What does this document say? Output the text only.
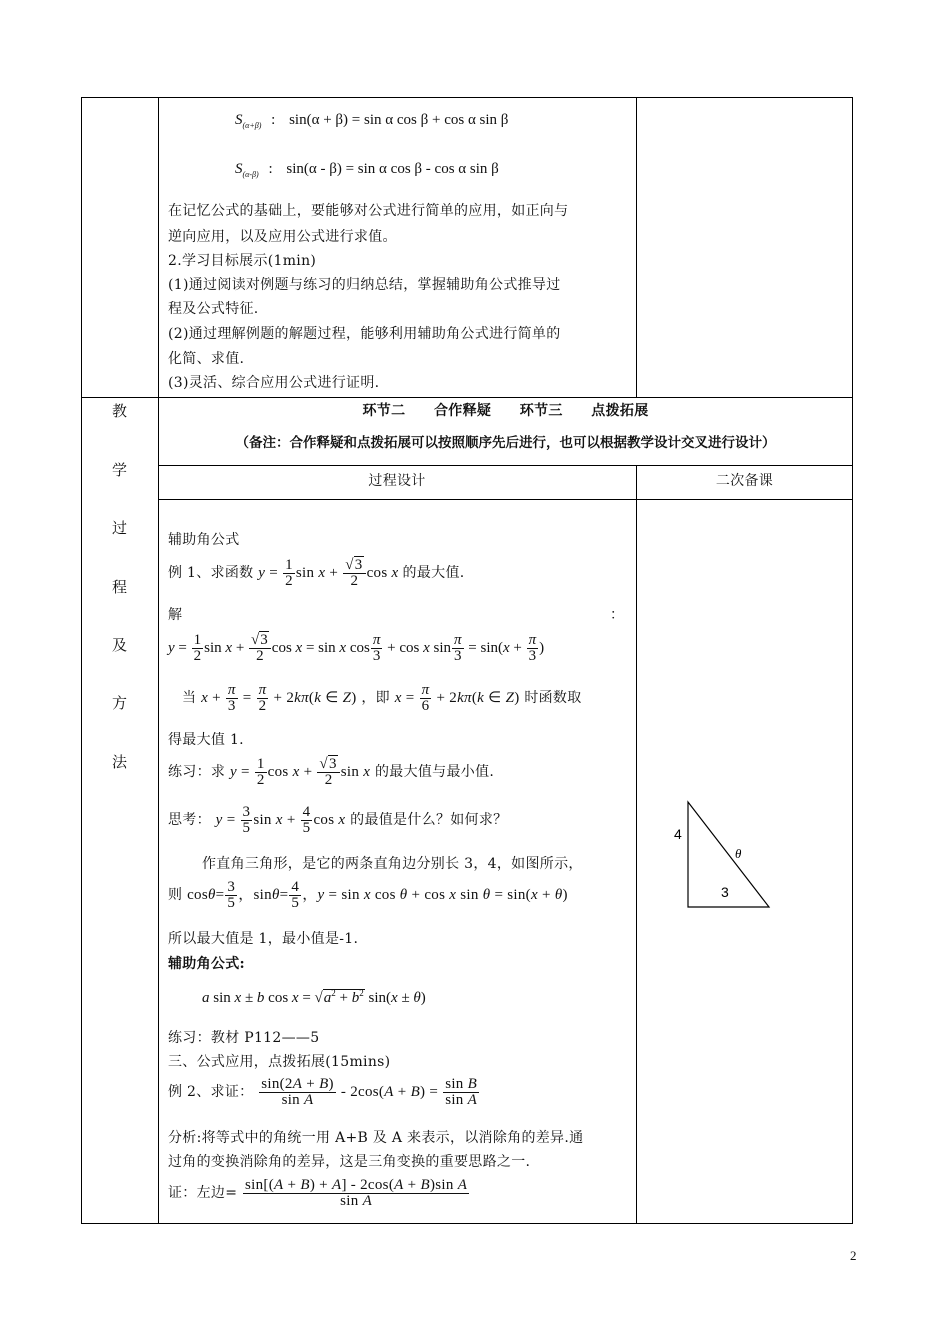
$S_{(\alpha+\beta)}$ : sin(α + β) = sin α cos β + cos α sin β
$S_{(\alpha-\beta)}$ : sin(α - β) = sin α cos β - cos α sin β
在记忆公式的基础上，要能够对公式进行简单的应用，如正向与
逆向应用，以及应用公式进行求值。
2.学习目标展示(1min)
(1)通过阅读对例题与练习的归纳总结，掌握辅助角公式推导过
程及公式特征.
(2)通过理解例题的解题过程，能够利用辅助角公式进行简单的
化简、求值.
(3)灵活、综合应用公式进行证明.
教
学
过
程
及
方
法
环节二　　合作释疑　　环节三　　点拨拓展
（备注：合作释疑和点拨拓展可以按照顺序先后进行，也可以根据教学设计交叉进行设计）
过程设计	二次备课
辅助角公式
例 1、求函数 $y = \frac{1}{2}$ $\sin x + \frac{√3}{2}$ cos x 的最大值.
解	：
$y = \frac{1}{2}$ $\sin x + \frac{√3}{2}$ cos x = sin x $\cos \frac{\pi}{3} + \cos x$ $\sin \frac{\pi}{3} = \sin(x + \frac{\pi}{3}$ )
当 $x + \frac{\pi}{3} = \frac{\pi}{2} + 2k\pi(k$ ∈ Z) ，即 $x = \frac{\pi}{6} + 2k\pi(k$ ∈ Z) 时函数取
得最大值 1.
练习：求 $y = \frac{1}{2}$ $\cos x + \frac{√3}{2}$ sin x 的最大值与最小值.
思考： $y = \frac{3}{5}$ $\sin x + \frac{4}{5}$ cos x 的最值是什么？如何求？
作直角三角形，是它的两条直角边分别长 3，4，如图所示，
则 $\cos\theta= \frac{3}{5}$ ，$\sin\theta= \frac{4}{5}$ ，y = sin x cos θ + cos x sin θ = sin(x + θ)
所以最大值是 1，最小值是-1.
辅助角公式:
a sin x ± b $\cos x = √a^2 + b^2$ sin(x ± θ)
练习：教材 P112——5
三、公式应用，点拨拓展(15mins)
例 2、求证： $\frac{\sin(2A + B)}{\text{sin A}} - 2\cos(A + B) = \frac{\text{sin B}}{\text{sin A}}$
分析:将等式中的角统一用 A+B 及 A 来表示，以消除角的差异.通
过角的变换消除角的差异，这是三角变换的重要思路之一.
证：左边= $\frac{\text{sin[(A + B) + A] - 2cos(A + B)sin A}}{\text{sin A}}$
4
3
θ
2
